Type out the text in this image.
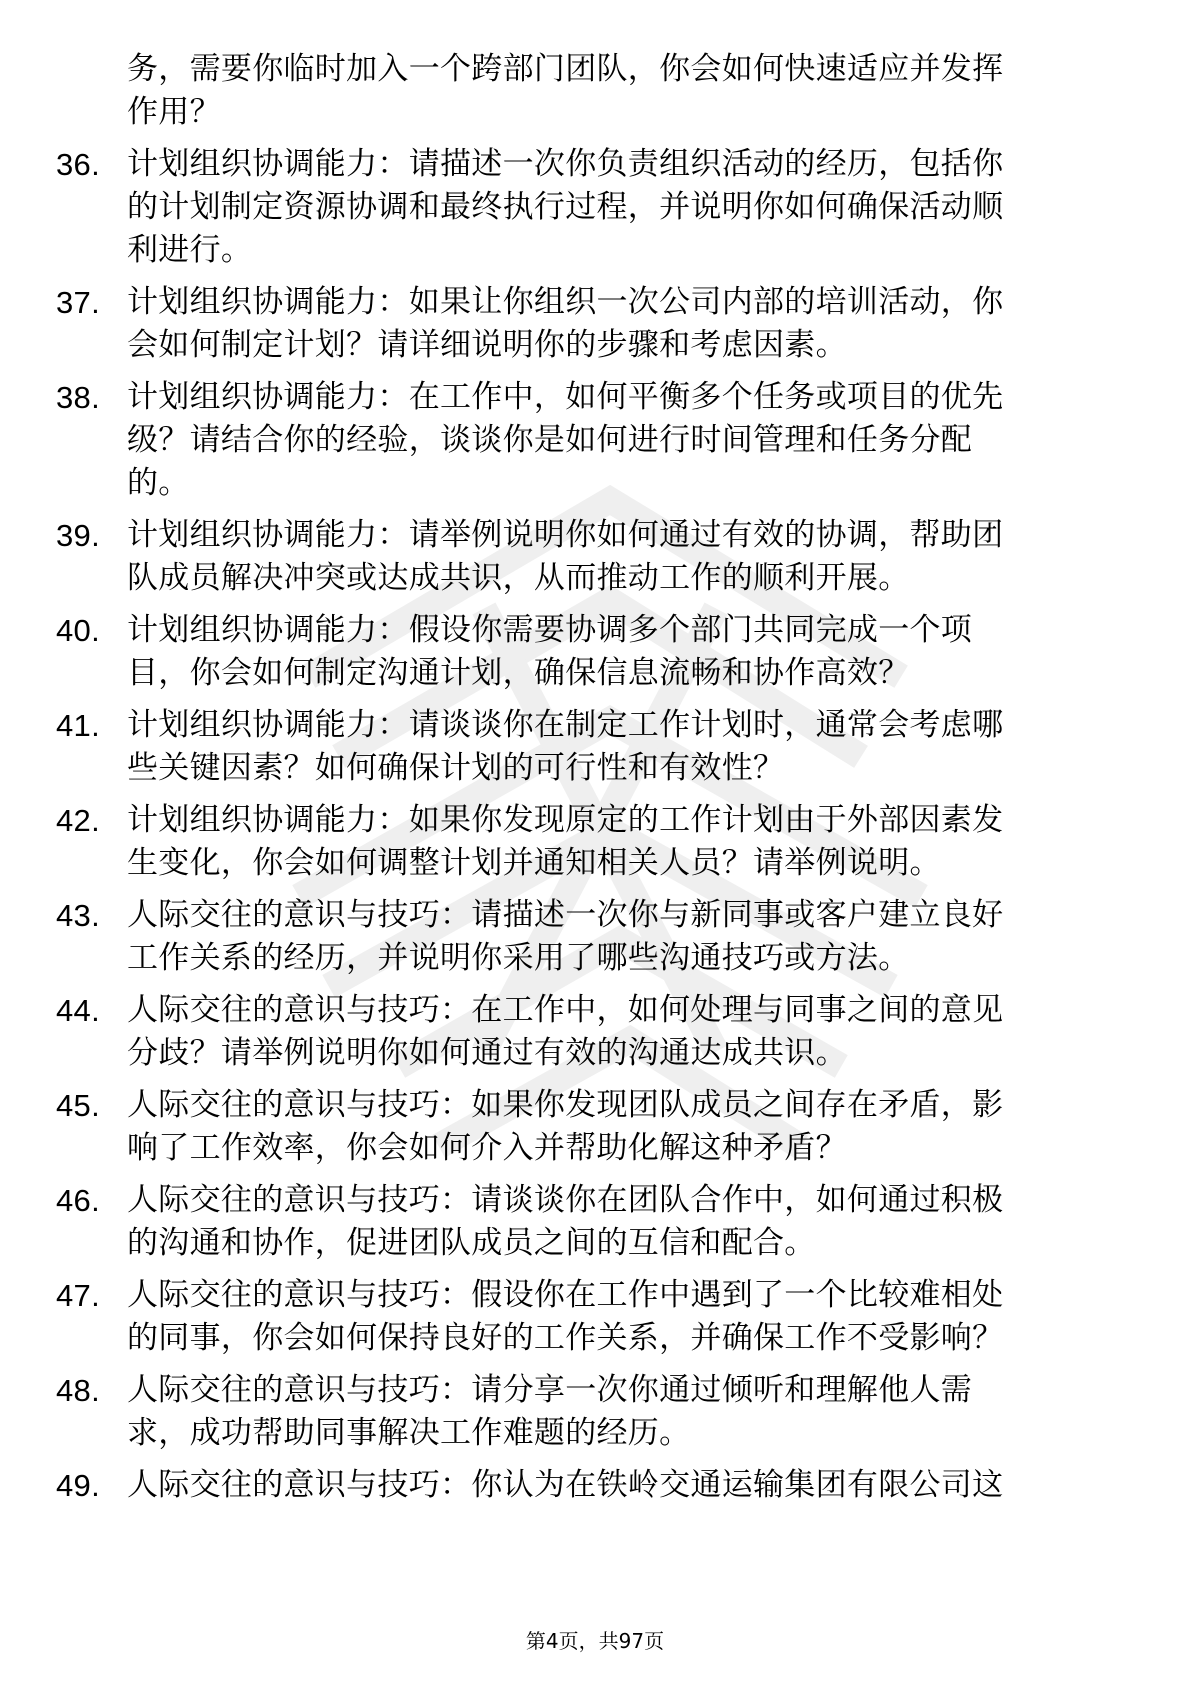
务，需要你临时加入一个跨部门团队，你会如何快速适应并发挥
作用？
36. 计划组织协调能力：请描述一次你负责组织活动的经历，包括你
的计划制定资源协调和最终执行过程，并说明你如何确保活动顺
利进行。
37. 计划组织协调能力：如果让你组织一次公司内部的培训活动，你
会如何制定计划？请详细说明你的步骤和考虑因素。
38. 计划组织协调能力：在工作中，如何平衡多个任务或项目的优先
级？请结合你的经验，谈谈你是如何进行时间管理和任务分配
的。
39. 计划组织协调能力：请举例说明你如何通过有效的协调，帮助团
队成员解决冲突或达成共识，从而推动工作的顺利开展。
40. 计划组织协调能力：假设你需要协调多个部门共同完成一个项
目，你会如何制定沟通计划，确保信息流畅和协作高效？
41. 计划组织协调能力：请谈谈你在制定工作计划时，通常会考虑哪
些关键因素？如何确保计划的可行性和有效性？
42. 计划组织协调能力：如果你发现原定的工作计划由于外部因素发
生变化，你会如何调整计划并通知相关人员？请举例说明。
43. 人际交往的意识与技巧：请描述一次你与新同事或客户建立良好
工作关系的经历，并说明你采用了哪些沟通技巧或方法。
44. 人际交往的意识与技巧：在工作中，如何处理与同事之间的意见
分歧？请举例说明你如何通过有效的沟通达成共识。
45. 人际交往的意识与技巧：如果你发现团队成员之间存在矛盾，影
响了工作效率，你会如何介入并帮助化解这种矛盾？
46. 人际交往的意识与技巧：请谈谈你在团队合作中，如何通过积极
的沟通和协作，促进团队成员之间的互信和配合。
47. 人际交往的意识与技巧：假设你在工作中遇到了一个比较难相处
的同事，你会如何保持良好的工作关系，并确保工作不受影响？
48. 人际交往的意识与技巧：请分享一次你通过倾听和理解他人需
求，成功帮助同事解决工作难题的经历。
49. 人际交往的意识与技巧：你认为在铁岭交通运输集团有限公司这
第4页，共97页
